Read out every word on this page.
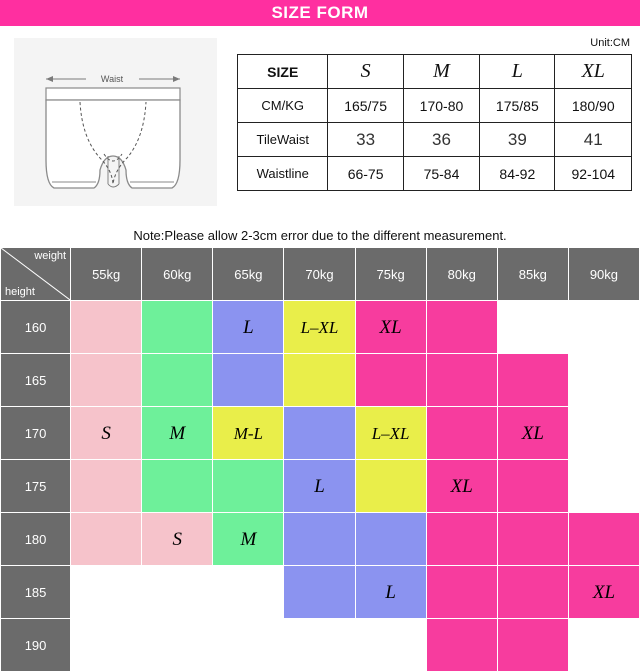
SIZE FORM
Waist
Unit:CM
SIZE	S	M	L	XL
CM/KG	165/75	170-80	175/85	180/90
TileWaist	33	36	39	41
Waistline	66-75	75-84	84-92	92-104
Note:Please allow 2-3cm error due to the different measurement.
weight
height	55kg	60kg	65kg	70kg	75kg	80kg	85kg	90kg
160			L	L–XL	XL			
165								
170	S	M	M-L		L–XL		XL	
175				L		XL		
180		S	M					
185					L			XL
190								
